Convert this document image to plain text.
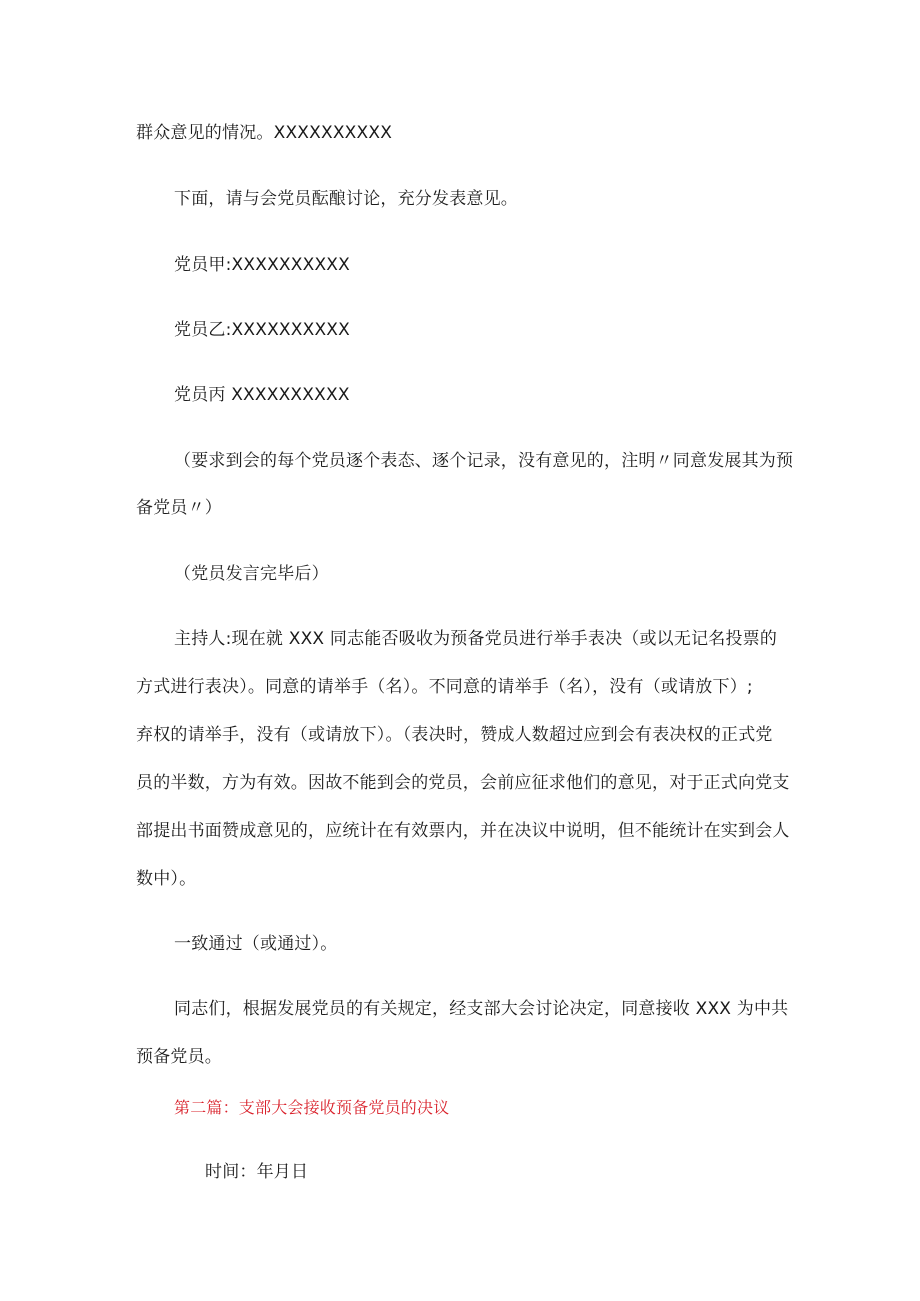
群众意见的情况。XXXXXXXXXX
下面，请与会党员酝酿讨论，充分发表意见。
党员甲:XXXXXXXXXX
党员乙:XXXXXXXXXX
党员丙 XXXXXXXXXX
（要求到会的每个党员逐个表态、逐个记录，没有意见的，注明〃同意发展其为预
备党员〃）
（党员发言完毕后）
主持人:现在就 XXX 同志能否吸收为预备党员进行举手表决（或以无记名投票的
方式进行表决）。同意的请举手（名）。不同意的请举手（名），没有（或请放下）;
弃权的请举手，没有（或请放下）。（表决时，赞成人数超过应到会有表决权的正式党
员的半数，方为有效。因故不能到会的党员，会前应征求他们的意见，对于正式向党支
部提出书面赞成意见的，应统计在有效票内，并在决议中说明，但不能统计在实到会人
数中）。
一致通过（或通过）。
同志们，根据发展党员的有关规定，经支部大会讨论决定，同意接收 XXX 为中共
预备党员。
第二篇：支部大会接收预备党员的决议
时间：年月日
